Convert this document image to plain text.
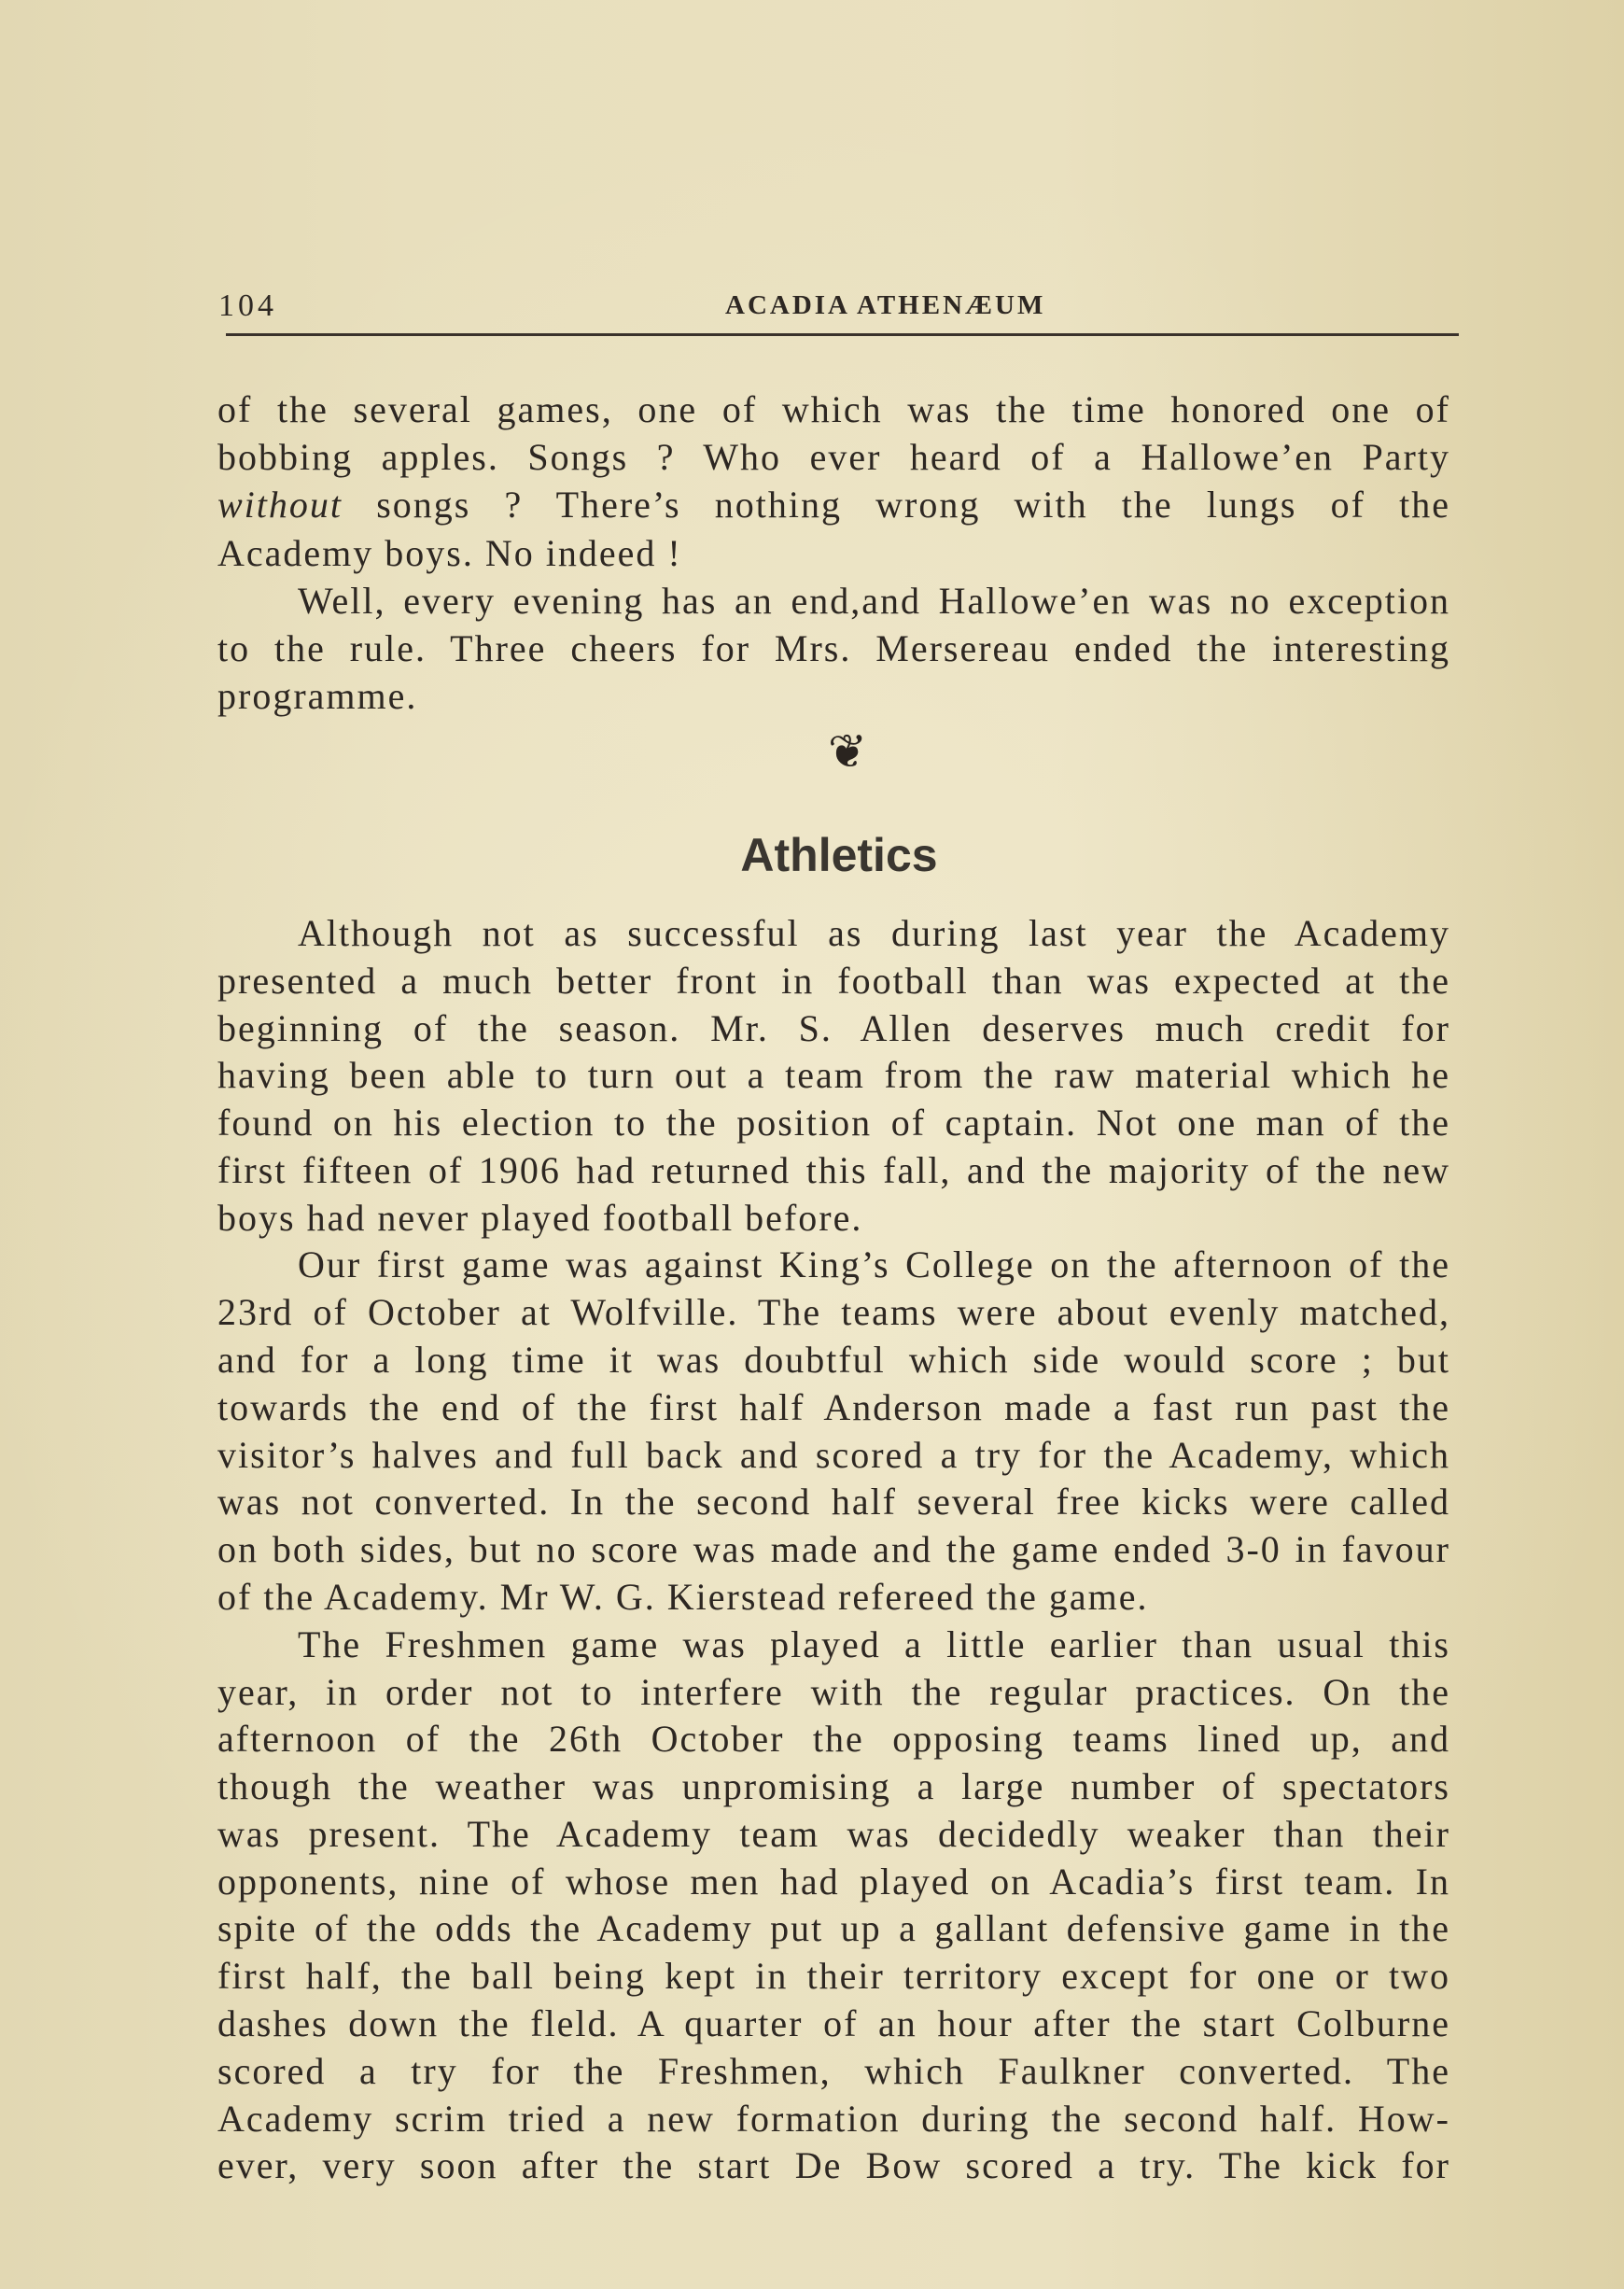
104	ACADIA ATHENÆUM
of the several games, one of which was the time honored one of
bobbing apples. Songs ? Who ever heard of a Hallowe’en Party
without songs ? There’s nothing wrong with the lungs of the
Academy boys. No indeed !
Well, every evening has an end,and Hallowe’en was no exception
to the rule. Three cheers for Mrs. Mersereau ended the interesting
programme.
❦
Athletics
Although not as successful as during last year the Academy
presented a much better front in football than was expected at the
beginning of the season. Mr. S. Allen deserves much credit for
having been able to turn out a team from the raw material which he
found on his election to the position of captain. Not one man of the
first fifteen of 1906 had returned this fall, and the majority of the new
boys had never played football before.
Our first game was against King’s College on the afternoon of the
23rd of October at Wolfville. The teams were about evenly matched,
and for a long time it was doubtful which side would score ; but
towards the end of the first half Anderson made a fast run past the
visitor’s halves and full back and scored a try for the Academy, which
was not converted. In the second half several free kicks were called
on both sides, but no score was made and the game ended 3-0 in favour
of the Academy. Mr W. G. Kierstead refereed the game.
The Freshmen game was played a little earlier than usual this
year, in order not to interfere with the regular practices. On the
afternoon of the 26th October the opposing teams lined up, and
though the weather was unpromising a large number of spectators
was present. The Academy team was decidedly weaker than their
opponents, nine of whose men had played on Acadia’s first team. In
spite of the odds the Academy put up a gallant defensive game in the
first half, the ball being kept in their territory except for one or two
dashes down the fleld. A quarter of an hour after the start Colburne
scored a try for the Freshmen, which Faulkner converted. The
Academy scrim tried a new formation during the second half. How-
ever, very soon after the start De Bow scored a try. The kick for
